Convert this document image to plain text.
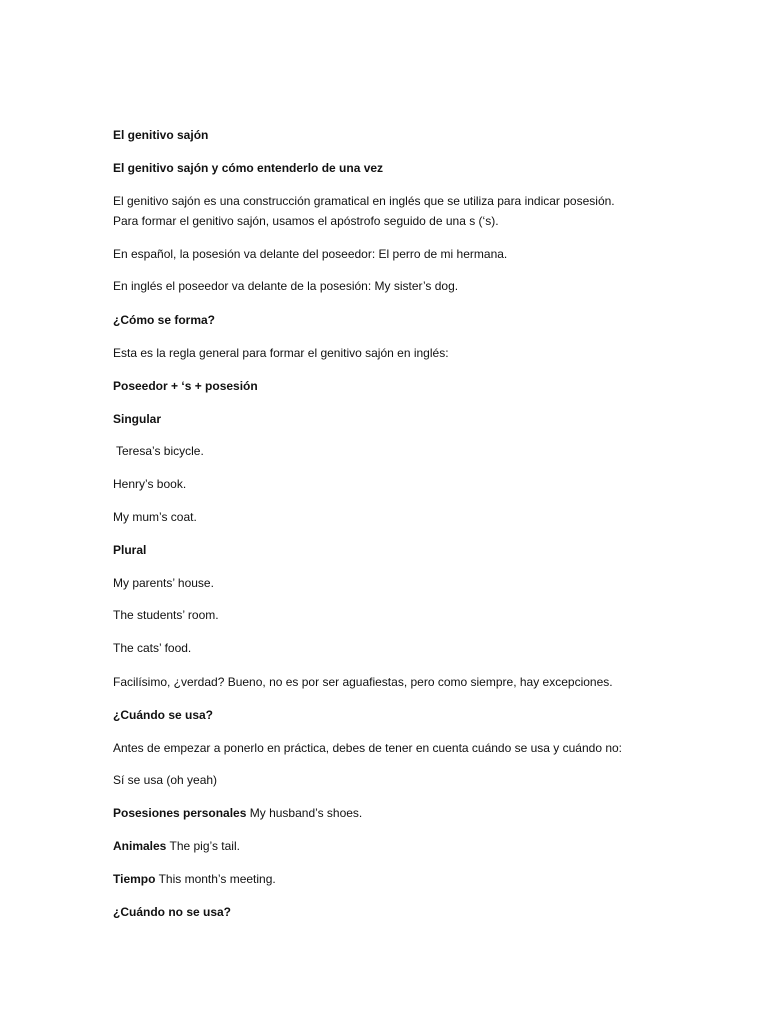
El genitivo sajón
El genitivo sajón y cómo entenderlo de una vez
El genitivo sajón es una construcción gramatical en inglés que se utiliza para indicar posesión.
Para formar el genitivo sajón, usamos el apóstrofo seguido de una s (‘s).
En español, la posesión va delante del poseedor: El perro de mi hermana.
En inglés el poseedor va delante de la posesión: My sister’s dog.
¿Cómo se forma?
Esta es la regla general para formar el genitivo sajón en inglés:
Poseedor + ‘s + posesión
Singular
Teresa’s bicycle.
Henry’s book.
My mum’s coat.
Plural
My parents’ house.
The students’ room.
The cats’ food.
Facilísimo, ¿verdad? Bueno, no es por ser aguafiestas, pero como siempre, hay excepciones.
¿Cuándo se usa?
Antes de empezar a ponerlo en práctica, debes de tener en cuenta cuándo se usa y cuándo no:
Sí se usa (oh yeah)
Posesiones personales My husband’s shoes.
Animales The pig’s tail.
Tiempo This month’s meeting.
¿Cuándo no se usa?
